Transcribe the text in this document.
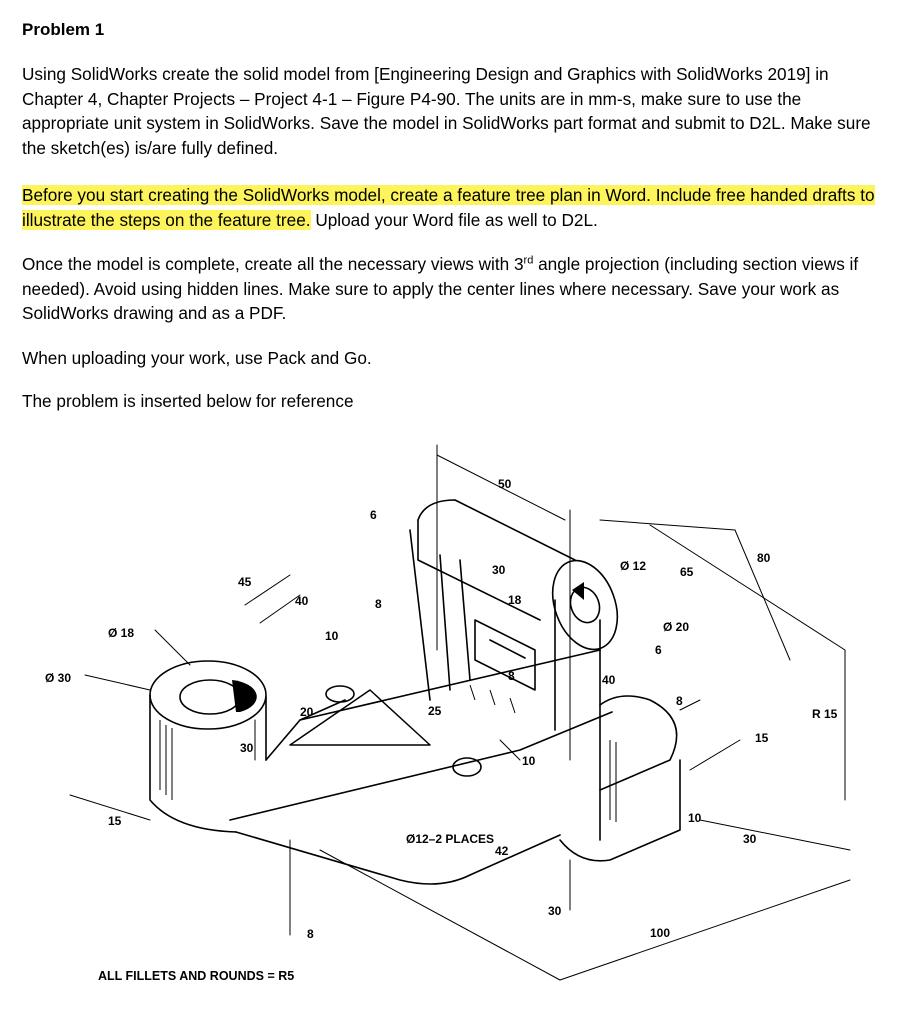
Problem 1
Using SolidWorks create the solid model from [Engineering Design and Graphics with SolidWorks 2019] in Chapter 4, Chapter Projects – Project 4-1 – Figure P4-90. The units are in mm-s, make sure to use the appropriate unit system in SolidWorks. Save the model in SolidWorks part format and submit to D2L. Make sure the sketch(es) is/are fully defined.
Before you start creating the SolidWorks model, create a feature tree plan in Word. Include free handed drafts to illustrate the steps on the feature tree. Upload your Word file as well to D2L.
Once the model is complete, create all the necessary views with 3rd angle projection (including section views if needed). Avoid using hidden lines. Make sure to apply the center lines where necessary. Save your work as SolidWorks drawing and as a PDF.
When uploading your work, use Pack and Go.
The problem is inserted below for reference
50
6
30
18
8
8
Ø 12	65
80
45
40
10
Ø 18	Ø 20
6
Ø 30	40
20	25
8
R 15
30
15
10
15	10
30
Ø12–2 PLACES
42
30
8	100
ALL FILLETS AND ROUNDS = R5
